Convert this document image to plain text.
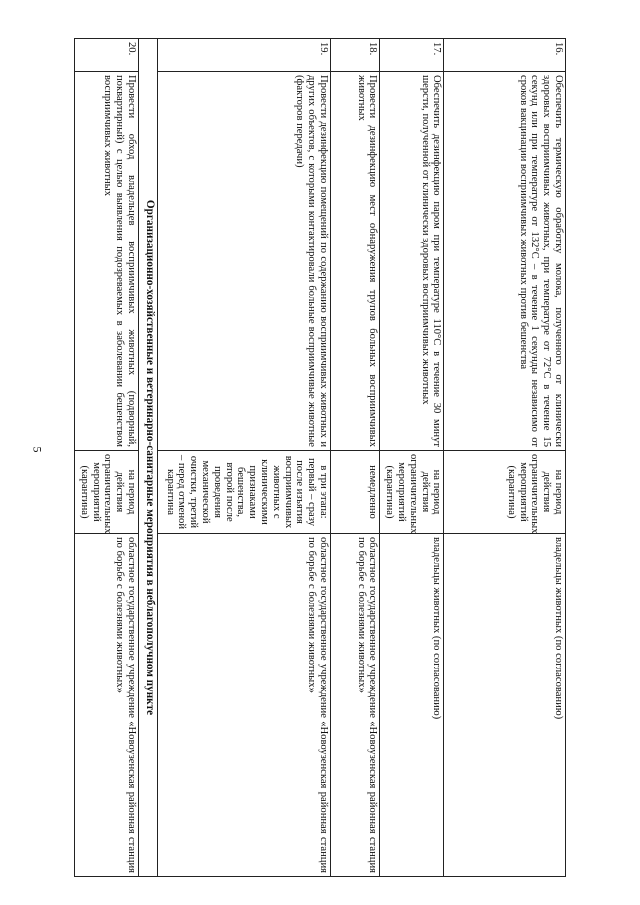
5
16.	Обеспечить термическую обработку молока, полученного от клинически здоровых восприимчивых животных, при температуре от 72°С в течение 15 секунд или при температуре от 132°С – в течение 1 секунды независимо от сроков вакцинации восприимчивых животных против бешенства	на период действия ограничительных мероприятий (карантина)	владельцы животных (по согласованию)
17.	Обеспечить дезинфекцию паром при температуре 110°С в течение 30 минут шерсти, полученной от клинически здоровых восприимчивых животных	на период действия ограничительных мероприятий (карантина)	владельцы животных (по согласованию)
18.	Провести дезинфекцию мест обнаружения трупов больных восприимчивых животных	немедленно	областное государственное учреждение «Новоузенская районная станция по борьбе с болезнями животных»
19.	Провести дезинфекцию помещений по содержанию восприимчивых животных и других объектов, с которыми контактировали больные восприимчивые животные (факторов передачи)	в три этапа: первый – сразу после изъятия восприимчивых животных с клиническими признаками бешенства, второй после проведения механической очистки, третий – перед отменой карантина	областное государственное учреждение «Новоузенская районная станция по борьбе с болезнями животных»
Организационно-хозяйственные и ветеринарно-санитарные мероприятия в неблагополучном пункте			
20.	Провести обход владельцев восприимчивых животных (подворный, поквартирный) с целью выявления подозреваемых в заболевании бешенством восприимчивых животных	на период действия ограничительных мероприятий (карантина)	областное государственное учреждение «Новоузенская районная станция по борьбе с болезнями животных»
